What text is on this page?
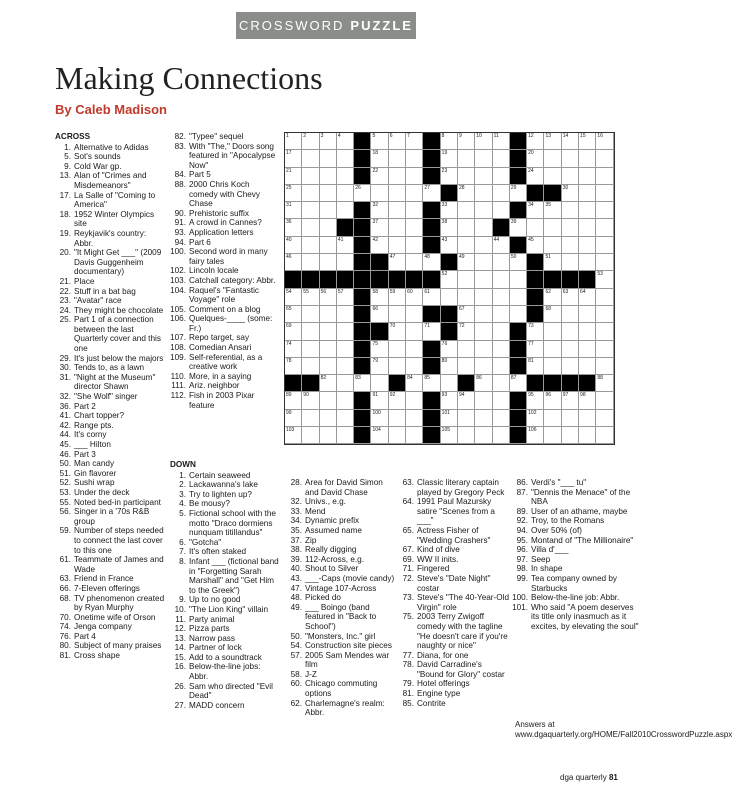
CROSSWORD PUZZLE
Making Connections
By Caleb Madison
ACROSS
1. Alternative to Adidas
5. Sot's sounds
9. Cold War gp.
13. Alan of "Crimes and Misdemeanors"
17. La Salle of "Coming to America"
18. 1952 Winter Olympics site
19. Reykjavik's country: Abbr.
20. "It Might Get ___" (2009 Davis Guggenheim documentary)
21. Place
22. Stuff in a bat bag
23. "Avatar" race
24. They might be chocolate
25. Part 1 of a connection between the last Quarterly cover and this one
29. It's just below the majors
30. Tends to, as a lawn
31. "Night at the Museum" director Shawn
32. "She Wolf" singer
36. Part 2
41. Chart topper?
42. Range pts.
44. It's corny
45. ___ Hilton
46. Part 3
50. Man candy
51. Gin flavorer
52. Sushi wrap
53. Under the deck
55. Noted bed-in participant
56. Singer in a '70s R&B group
59. Number of steps needed to connect the last cover to this one
61. Teammate of James and Wade
63. Friend in France
66. 7-Eleven offerings
68. TV phenomenon created by Ryan Murphy
70. Onetime wife of Orson
74. Jenga company
76. Part 4
80. Subject of many praises
81. Cross shape
82. "Typee" sequel
83. With "The," Doors song featured in "Apocalypse Now"
84. Part 5
88. 2000 Chris Koch comedy with Chevy Chase
90. Prehistoric suffix
91. A crowd in Cannes?
93. Application letters
94. Part 6
100. Second word in many fairy tales
102. Lincoln locale
103. Catchall category: Abbr.
104. Raquel's "Fantastic Voyage" role
105. Comment on a blog
106. Quelques-____ (some: Fr.)
107. Repo target, say
108. Comedian Ansari
109. Self-referential, as a creative work
110. More, in a saying
111. Ariz. neighbor
112. Fish in 2003 Pixar feature
DOWN
1. Certain seaweed
2. Lackawanna's lake
3. Try to lighten up?
4. Be mousy?
5. Fictional school with the motto "Draco dormiens nunquam titillandus"
6. "Gotcha"
7. It's often staked
8. Infant ___ (fictional band in "Forgetting Sarah Marshall" and "Get Him to the Greek")
9. Up to no good
10. "The Lion King" villain
11. Party animal
12. Pizza parts
13. Narrow pass
14. Partner of lock
15. Add to a soundtrack
16. Below-the-line jobs: Abbr.
26. Sam who directed "Evil Dead"
27. MADD concern
28. Area for David Simon and David Chase
32. Univs., e.g.
33. Mend
34. Dynamic prefix
35. Assumed name
37. Zip
38. Really digging
39. 112-Across, e.g.
40. Shout to Silver
43. ___-Caps (movie candy)
47. Vintage 107-Across
48. Picked do
49. ___ Boingo (band featured in "Back to School")
50. "Monsters, Inc." girl
54. Construction site pieces
57. 2005 Sam Mendes war film
58. J-Z
60. Chicago commuting options
62. Charlemagne's realm: Abbr.
63. Classic literary captain played by Gregory Peck
64. 1991 Paul Mazursky satire "Scenes from a ___"
65. Actress Fisher of "Wedding Crashers"
67. Kind of dive
69. WW II inits.
71. Fingered
72. Steve's "Date Night" costar
73. Steve's "The 40-Year-Old Virgin" role
75. 2003 Terry Zwigoff comedy with the tagline "He doesn't care if you're naughty or nice"
77. Diana, for one
78. David Carradine's "Bound for Glory" costar
79. Hotel offerings
81. Engine type
85. Contrite
86. Verdi's "___ tu"
87. "Dennis the Menace" of the NBA
89. User of an athame, maybe
92. Troy, to the Romans
94. Over 50% (of)
95. Montand of "The Millionaire"
96. Villa d'___
97. Seep
98. In shape
99. Tea company owned by Starbucks
100. Below-the-line job: Abbr.
101. Who said "A poem deserves its title only inasmuch as it excites, by elevating the soul"
1	2	3	4	5	6	7	8	9	10 11	12 13 14 15 16
17	18	19	20
21	22	23	24
25	26	27	28	29	30
31	32	33	34 35
36	37	38	39
40	41	42	43	44	45
46	47	48	49	50	51
52	53
54 55 56 57	58 59 60 61	62 63 64
65	66	67	68
69	70	71	72	73
74	75	76	77
78	79	80	81
82	83	84 85	86	87	88
89 90	91 92	93 94	95 96 97 98
99	100	101	102
103	104	105	106
Answers at www.dgaquarterly.org/HOME/Fall2010CrosswordPuzzle.aspx
dga quarterly 81
